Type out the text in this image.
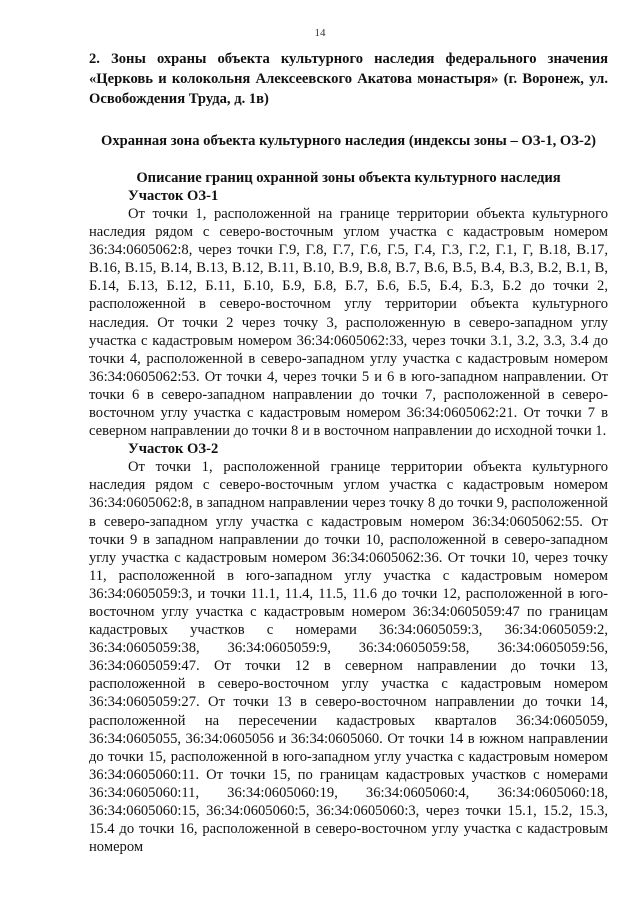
14

2. Зоны охраны объекта культурного наследия федерального значения «Церковь и колокольня Алексеевского Акатова монастыря» (г. Воронеж, ул. Освобождения Труда, д. 1в)

Охранная зона объекта культурного наследия (индексы зоны – ОЗ-1, ОЗ-2)

Описание границ охранной зоны объекта культурного наследия

Участок ОЗ-1

От точки 1, расположенной на границе территории объекта культурного наследия рядом с северо-восточным углом участка с кадастровым номером 36:34:0605062:8, через точки Г.9, Г.8, Г.7, Г.6, Г.5, Г.4, Г.3, Г.2, Г.1, Г, В.18, В.17, В.16, В.15, В.14, В.13, В.12, В.11, В.10, В.9, В.8, В.7, В.6, В.5, В.4, В.3, В.2, В.1, В, Б.14, Б.13, Б.12, Б.11, Б.10, Б.9, Б.8, Б.7, Б.6, Б.5, Б.4, Б.3, Б.2 до точки 2, расположенной в северо-восточном углу территории объекта культурного наследия. От точки 2 через точку 3, расположенную в северо-западном углу участка с кадастровым номером 36:34:0605062:33, через точки 3.1, 3.2, 3.3, 3.4 до точки 4, расположенной в северо-западном углу участка с кадастровым номером 36:34:0605062:53. От точки 4, через точки 5 и 6 в юго-западном направлении. От точки 6 в северо-западном направлении до точки 7, расположенной в северо-восточном углу участка с кадастровым номером 36:34:0605062:21. От точки 7 в северном направлении до точки 8 и в восточном направлении до исходной точки 1.

Участок ОЗ-2

От точки 1, расположенной границе территории объекта культурного наследия рядом с северо-восточным углом участка с кадастровым номером 36:34:0605062:8, в западном направлении через точку 8 до точки 9, расположенной в северо-западном углу участка с кадастровым номером 36:34:0605062:55. От точки 9 в западном направлении до точки 10, расположенной в северо-западном углу участка с кадастровым номером 36:34:0605062:36. От точки 10, через точку 11, расположенной в юго-западном углу участка с кадастровым номером 36:34:0605059:3, и точки 11.1, 11.4, 11.5, 11.6 до точки 12, расположенной в юго-восточном углу участка с кадастровым номером 36:34:0605059:47 по границам кадастровых участков с номерами 36:34:0605059:3, 36:34:0605059:2, 36:34:0605059:38, 36:34:0605059:9, 36:34:0605059:58, 36:34:0605059:56, 36:34:0605059:47. От точки 12 в северном направлении до точки 13, расположенной в северо-восточном углу участка с кадастровым номером 36:34:0605059:27. От точки 13 в северо-восточном направлении до точки 14, расположенной на пересечении кадастровых кварталов 36:34:0605059, 36:34:0605055, 36:34:0605056 и 36:34:0605060. От точки 14 в южном направлении до точки 15, расположенной в юго-западном углу участка с кадастровым номером 36:34:0605060:11. От точки 15, по границам кадастровых участков с номерами 36:34:0605060:11, 36:34:0605060:19, 36:34:0605060:4, 36:34:0605060:18, 36:34:0605060:15, 36:34:0605060:5, 36:34:0605060:3, через точки 15.1, 15.2, 15.3, 15.4 до точки 16, расположенной в северо-восточном углу участка с кадастровым номером
